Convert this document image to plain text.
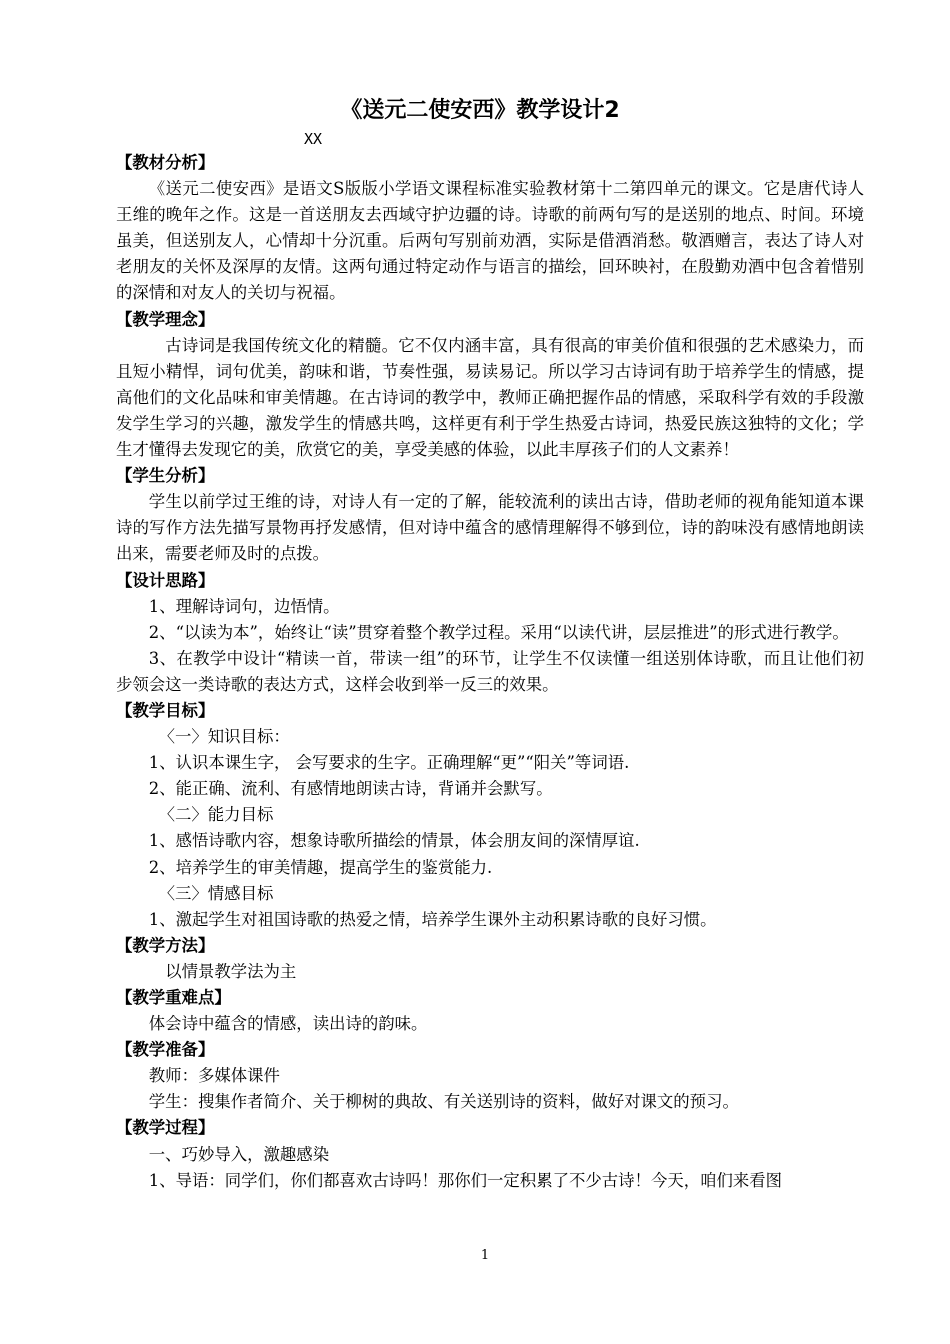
《送元二使安西》教学设计2
XX
【教材分析】

《送元二使安西》是语文S版版小学语文课程标准实验教材第十二第四单元的课文。它是唐代诗人王维的晚年之作。这是一首送朋友去西域守护边疆的诗。诗歌的前两句写的是送别的地点、时间。环境虽美，但送别友人，心情却十分沉重。后两句写别前劝酒，实际是借酒消愁。敬酒赠言，表达了诗人对老朋友的关怀及深厚的友情。这两句通过特定动作与语言的描绘，回环映衬，在殷勤劝酒中包含着惜别的深情和对友人的关切与祝福。

【教学理念】

古诗词是我国传统文化的精髓。它不仅内涵丰富，具有很高的审美价值和很强的艺术感染力，而且短小精悍，词句优美，韵味和谐，节奏性强，易读易记。所以学习古诗词有助于培养学生的情感，提高他们的文化品味和审美情趣。在古诗词的教学中，教师正确把握作品的情感，采取科学有效的手段激发学生学习的兴趣，激发学生的情感共鸣，这样更有利于学生热爱古诗词，热爱民族这独特的文化；学生才懂得去发现它的美，欣赏它的美，享受美感的体验，以此丰厚孩子们的人文素养！

【学生分析】

学生以前学过王维的诗，对诗人有一定的了解，能较流利的读出古诗，借助老师的视角能知道本课诗的写作方法先描写景物再抒发感情，但对诗中蕴含的感情理解得不够到位，诗的韵味没有感情地朗读出来，需要老师及时的点拨。

【设计思路】

1、理解诗词句，边悟情。

2、“以读为本”，始终让“读”贯穿着整个教学过程。采用“以读代讲，层层推进”的形式进行教学。

3、在教学中设计“精读一首，带读一组”的环节，让学生不仅读懂一组送别体诗歌，而且让他们初步领会这一类诗歌的表达方式，这样会收到举一反三的效果。

【教学目标】

〈一〉知识目标：

1、认识本课生字， 会写要求的生字。正确理解“更”“阳关”等词语.

2、能正确、流利、有感情地朗读古诗，背诵并会默写。

〈二〉能力目标

1、感悟诗歌内容，想象诗歌所描绘的情景，体会朋友间的深情厚谊.

2、培养学生的审美情趣，提高学生的鉴赏能力.

〈三〉情感目标

1、激起学生对祖国诗歌的热爱之情，培养学生课外主动积累诗歌的良好习惯。

【教学方法】

以情景教学法为主

【教学重难点】

体会诗中蕴含的情感，读出诗的韵味。

【教学准备】

教师：多媒体课件

学生：搜集作者简介、关于柳树的典故、有关送别诗的资料，做好对课文的预习。

【教学过程】

一、巧妙导入，激趣感染

1、导语：同学们，你们都喜欢古诗吗！那你们一定积累了不少古诗！今天，咱们来看图

1
